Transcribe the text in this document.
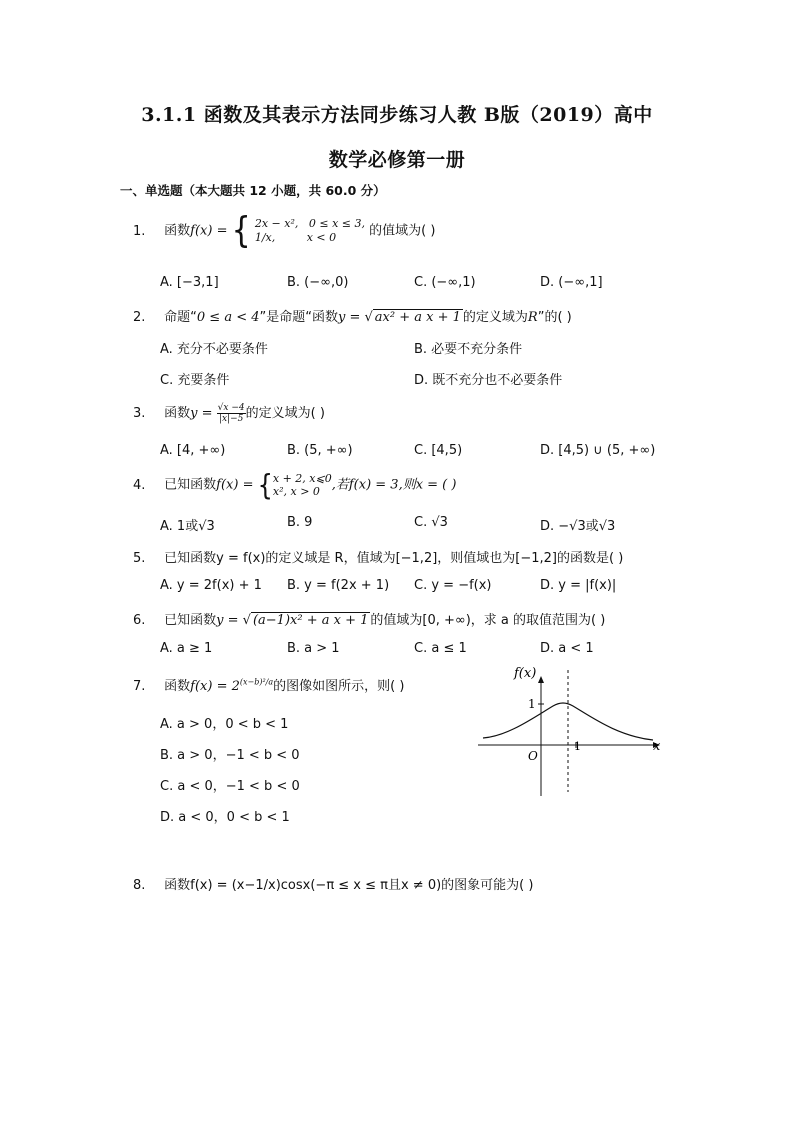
3.1.1 函数及其表示方法同步练习人教 B版（2019）高中
数学必修第一册
一、单选题（本大题共 12 小题，共 60.0 分）
1. 函数f(x) = { 2x − x², 0 ≤ x ≤ 3,
1/x,	x < 0	的值域为( )
A. [−3,1]	B. (−∞,0)	C. (−∞,1)	D. (−∞,1]
2. 命题“0 ≤ a < 4”是命题“函数y = √ ax² + a x + 1 的定义域为R”的( )
A. 充分不必要条件	B. 必要不充分条件
C. 充要条件	D. 既不充分也不必要条件
3. 函数$y = \frac{√x -4}{|x|-5}$ 的定义域为( )
A. [4, +∞)	B. (5, +∞)	C. [4,5)	D. [4,5) ∪ (5, +∞)
4. 已知函数f(x) = {x + 2, x⩽0
x², x > 0 ,若f(x) = 3,则x = ( )
A. 1或√3	B. 9	C. √3	D. −√3或√3
5. 已知函数y = f(x)的定义域是 R，值域为[−1,2]，则值域也为[−1,2]的函数是( )
A. y = 2f(x) + 1 B. y = f(2x + 1) C. y = −f(x)	D. y = |f(x)|
6. 已知函数y = √ (a−1)x² + a x + 1 的值域为[0, +∞)，求 a 的取值范围为( )
A. a ≥ 1	B. a > 1	C. a ≤ 1	D. a < 1
7. 函数$f(x) = 2^{(x-b)^2/a}$的图像如图所示，则( )
A. a > 0，0 < b < 1
B. a > 0，−1 < b < 0
C. a < 0，−1 < b < 0
D. a < 0，0 < b < 1
f(x)
1
O
1	x
8. 函数f(x) = (x−1/x)cosx(−π ≤ x ≤ π且x ≠ 0)的图象可能为( )
